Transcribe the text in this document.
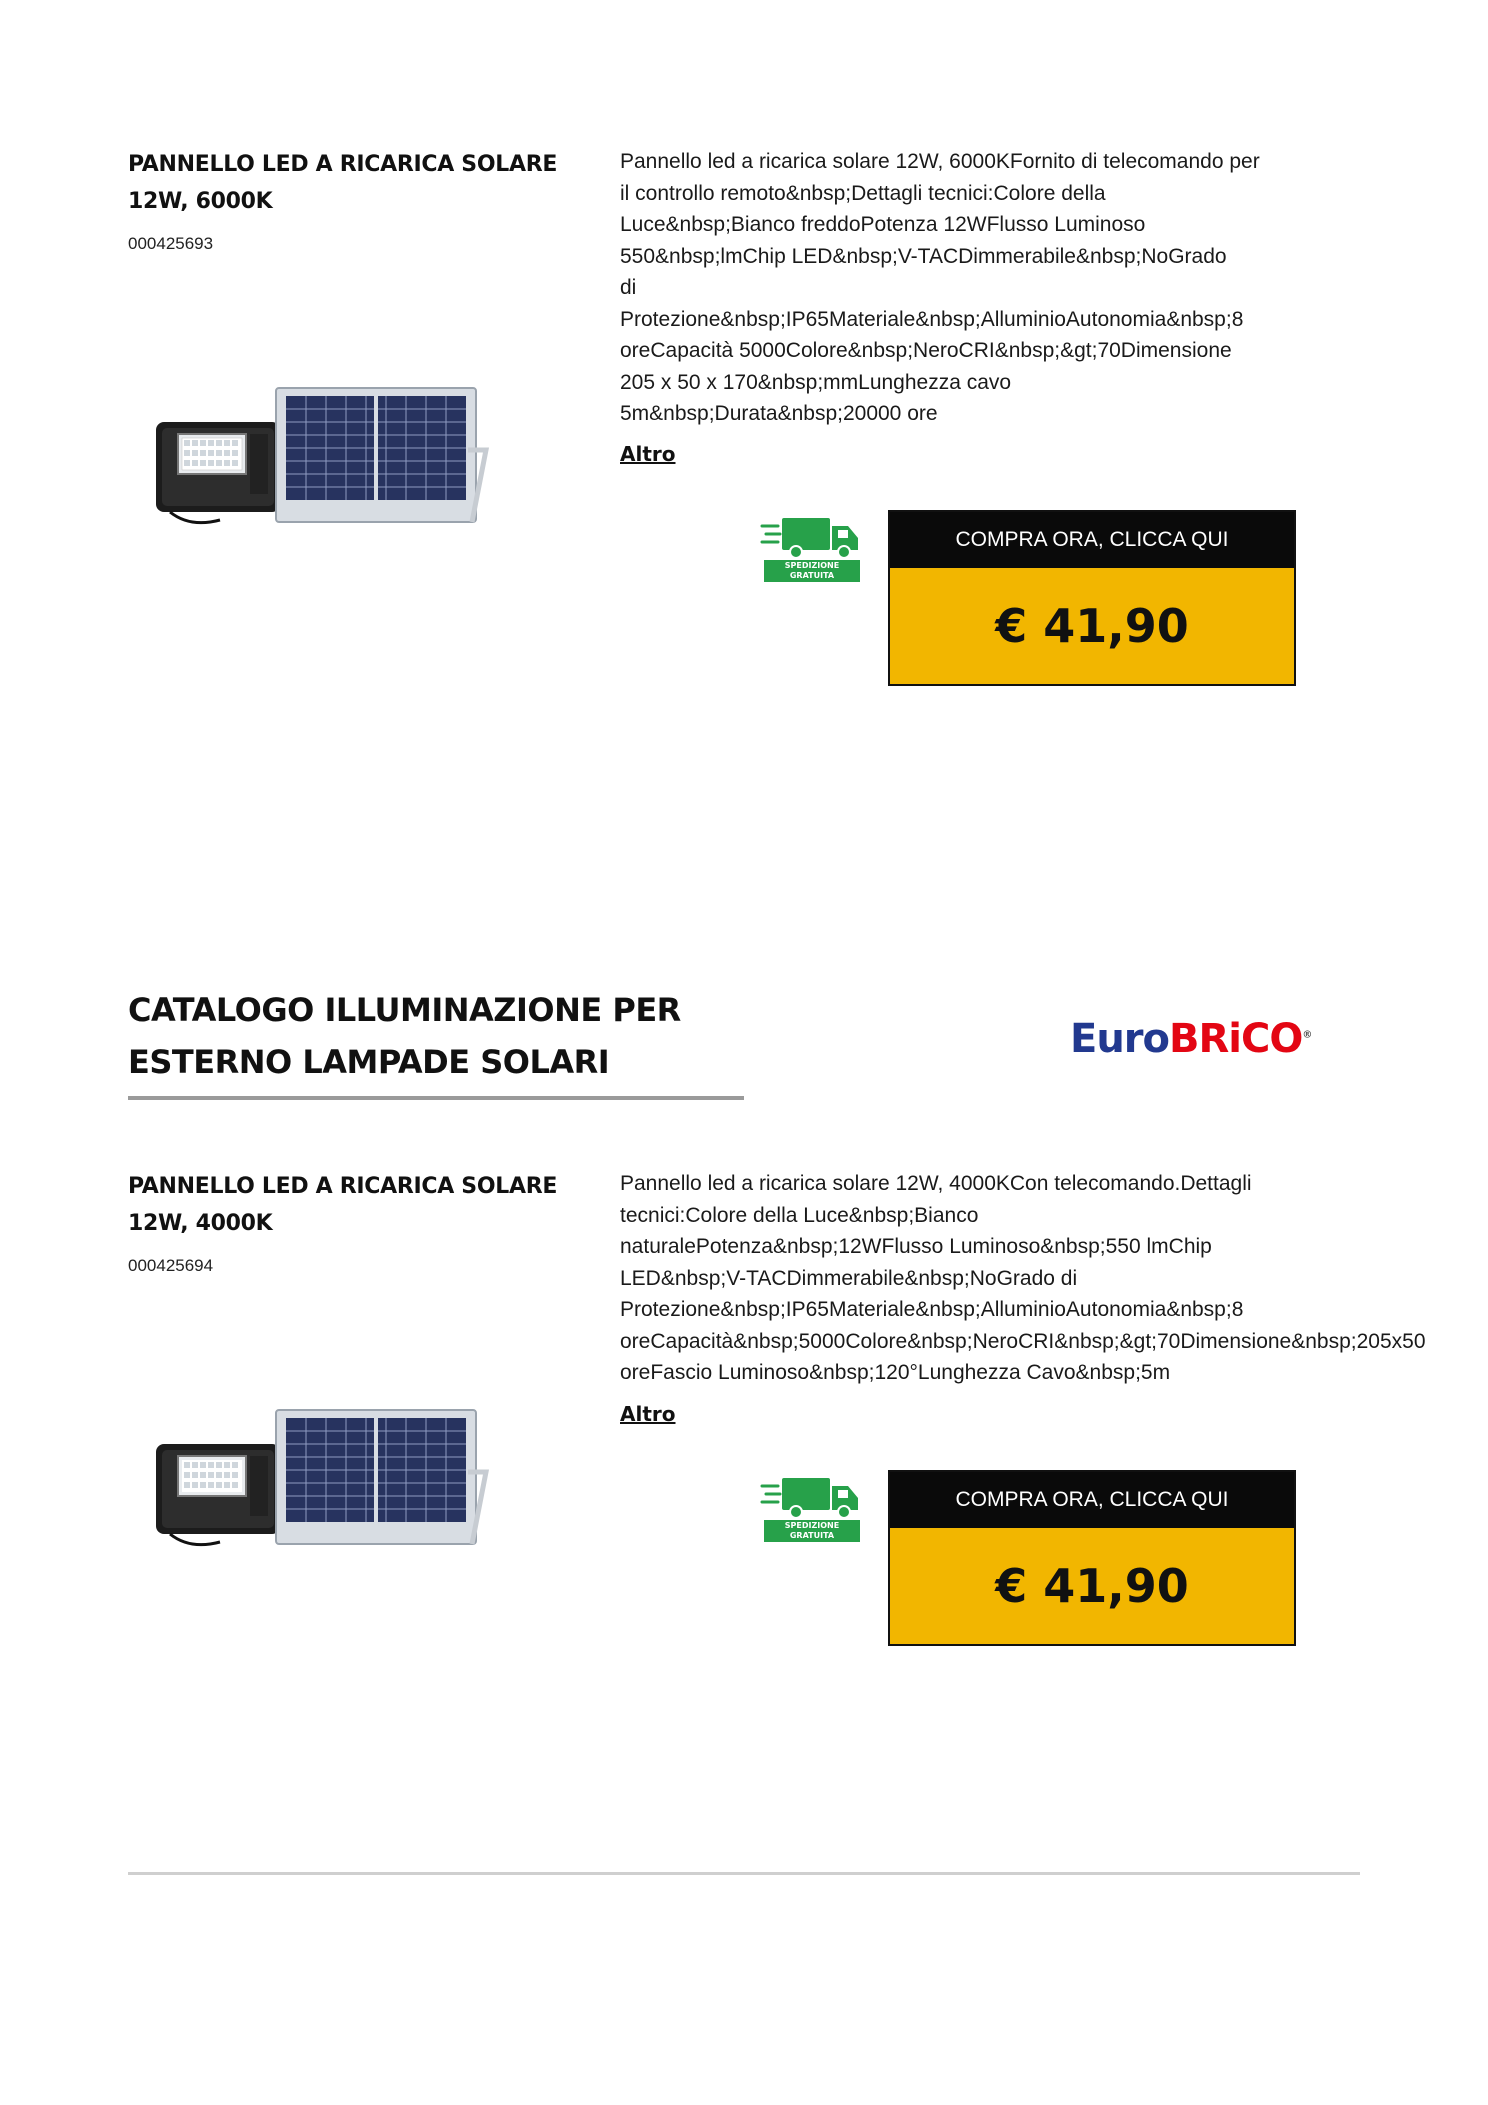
PANNELLO LED A RICARICA SOLARE
12W, 6000K
000425693
Pannello led a ricarica solare 12W, 6000KFornito di telecomando per
il controllo remoto&nbsp;Dettagli tecnici:Colore della
Luce&nbsp;Bianco freddoPotenza 12WFlusso Luminoso
550&nbsp;lmChip LED&nbsp;V-TACDimmerabile&nbsp;NoGrado
di
Protezione&nbsp;IP65Materiale&nbsp;AlluminioAutonomia&nbsp;8
oreCapacità 5000Colore&nbsp;NeroCRI&nbsp;&gt;70Dimensione
205 x 50 x 170&nbsp;mmLunghezza cavo
5m&nbsp;Durata&nbsp;20000 ore
Altro
SPEDIZIONE
GRATUITA
COMPRA ORA, CLICCA QUI
€ 41,90
CATALOGO ILLUMINAZIONE PER
ESTERNO LAMPADE SOLARI	EuroBRiCO®
PANNELLO LED A RICARICA SOLARE
12W, 4000K
000425694
Pannello led a ricarica solare 12W, 4000KCon telecomando.Dettagli
tecnici:Colore della Luce&nbsp;Bianco
naturalePotenza&nbsp;12WFlusso Luminoso&nbsp;550 lmChip
LED&nbsp;V-TACDimmerabile&nbsp;NoGrado di
Protezione&nbsp;IP65Materiale&nbsp;AlluminioAutonomia&nbsp;8
oreCapacità&nbsp;5000Colore&nbsp;NeroCRI&nbsp;&gt;70Dimensione&nbsp;205x50
oreFascio Luminoso&nbsp;120°Lunghezza Cavo&nbsp;5m
Altro
SPEDIZIONE
GRATUITA
COMPRA ORA, CLICCA QUI
€ 41,90
